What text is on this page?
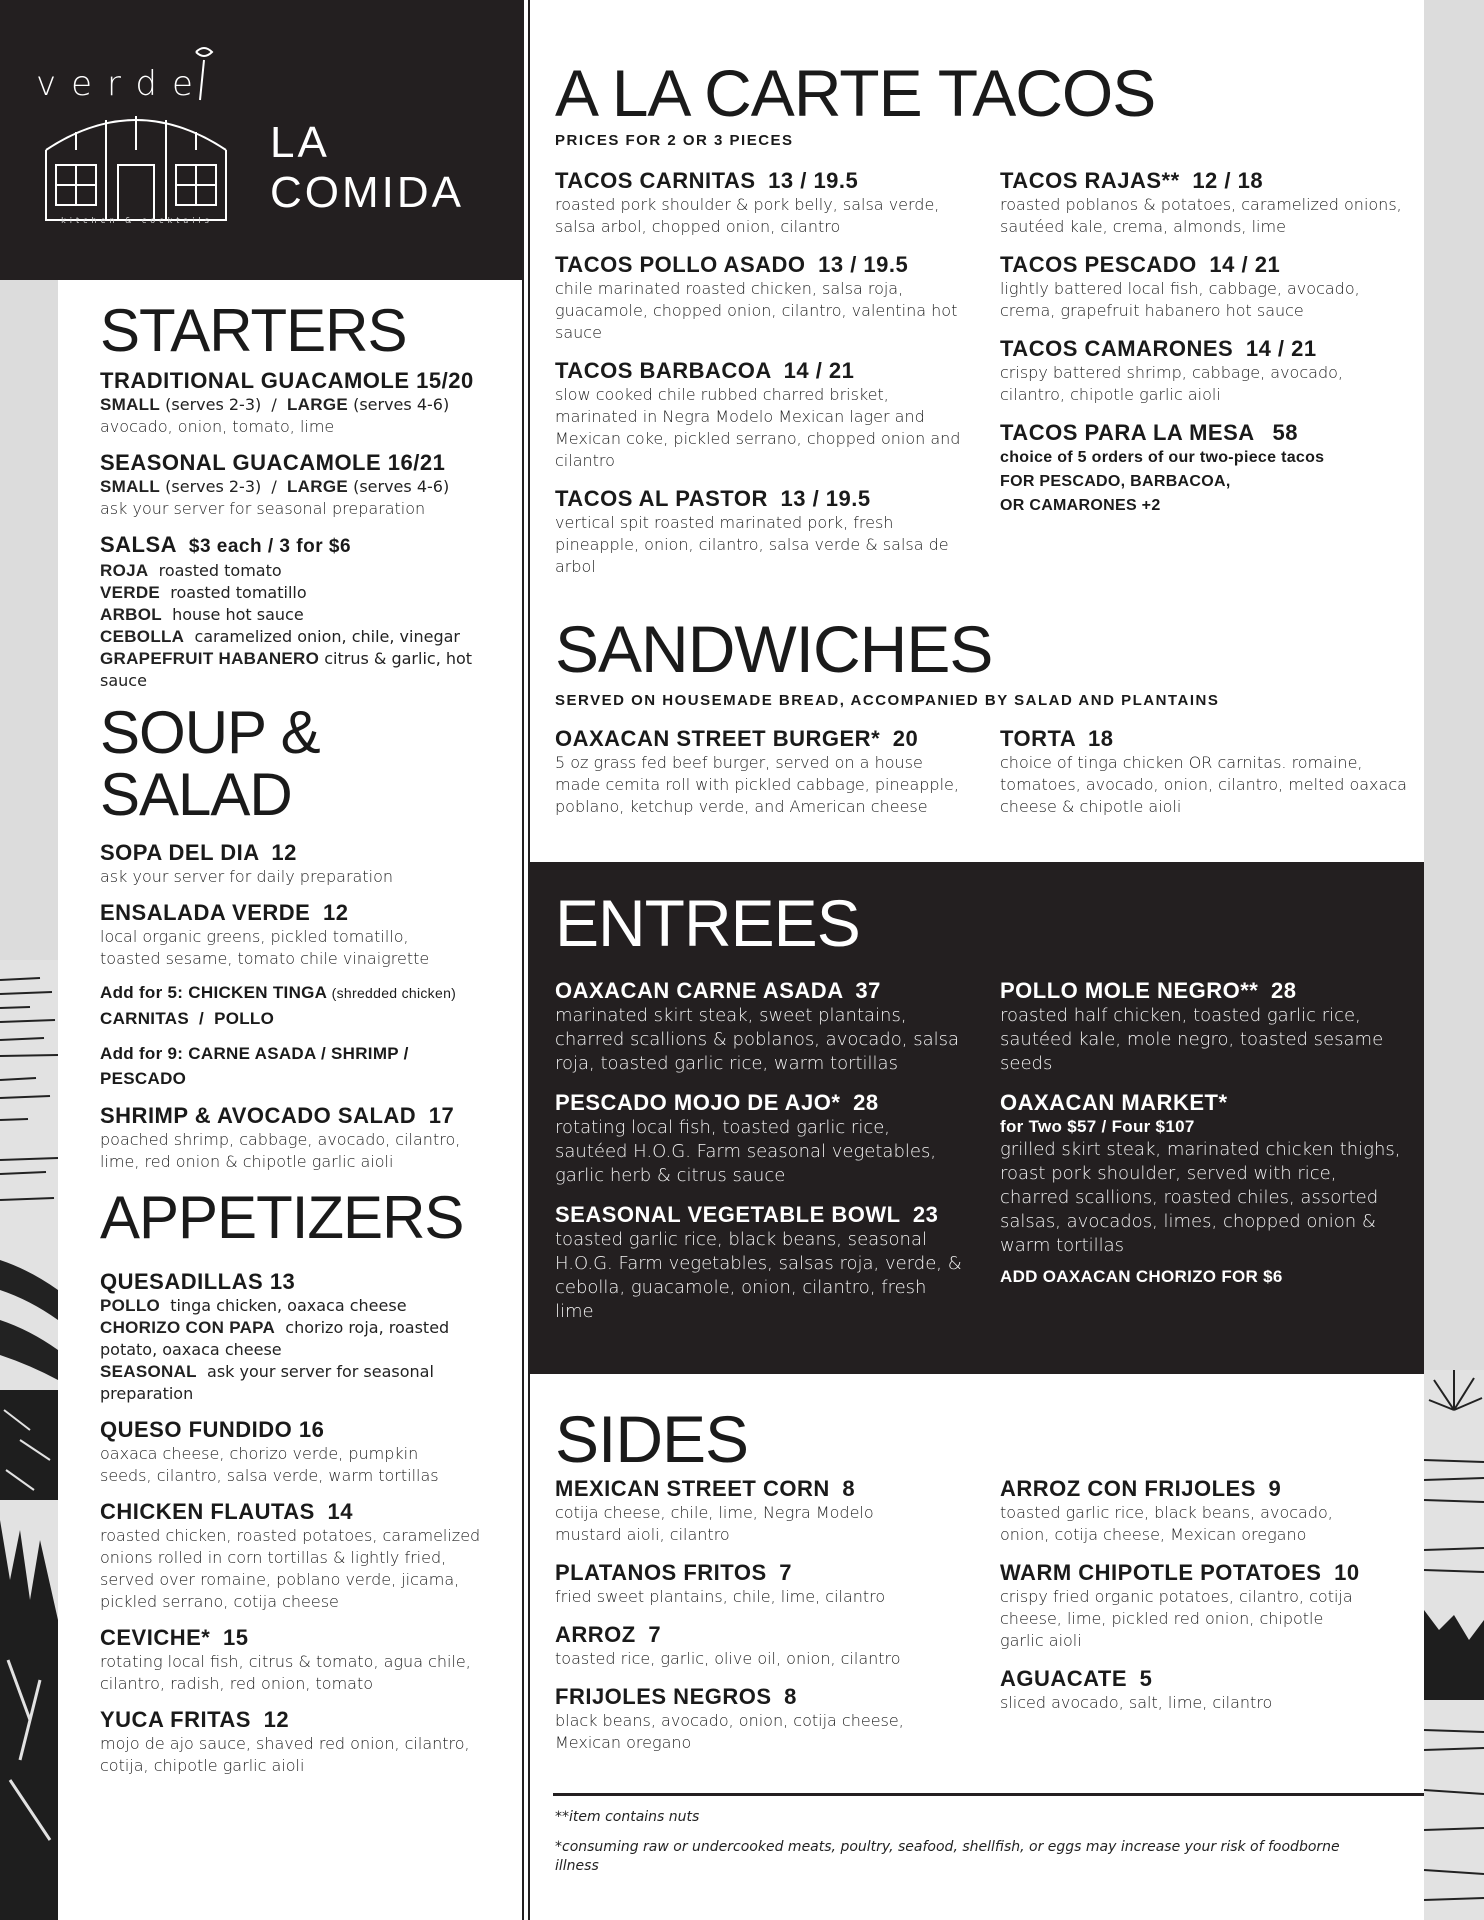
verde
kitchen & cocktails
LA
COMIDA
STARTERS
TRADITIONAL GUACAMOLE 15/20
SMALL (serves 2-3) / LARGE (serves 4-6)
avocado, onion, tomato, lime
SEASONAL GUACAMOLE 16/21
SMALL (serves 2-3) / LARGE (serves 4-6)
ask your server for seasonal preparation
SALSA $3 each / 3 for $6
ROJA roasted tomato
VERDE roasted tomatillo
ARBOL house hot sauce
CEBOLLA caramelized onion, chile, vinegar
GRAPEFRUIT HABANERO citrus & garlic, hot sauce
SOUP & SALAD
SOPA DEL DIA 12
ask your server for daily preparation
ENSALADA VERDE 12
local organic greens, pickled tomatillo, toasted sesame, tomato chile vinaigrette
Add for 5: CHICKEN TINGA (shredded chicken)
CARNITAS  /  POLLO
Add for 9: CARNE ASADA / SHRIMP / PESCADO
SHRIMP & AVOCADO SALAD 17
poached shrimp, cabbage, avocado, cilantro, lime, red onion & chipotle garlic aioli
APPETIZERS
QUESADILLAS 13
POLLO tinga chicken, oaxaca cheese
CHORIZO CON PAPA chorizo roja, roasted potato, oaxaca cheese
SEASONAL ask your server for seasonal preparation
QUESO FUNDIDO 16
oaxaca cheese, chorizo verde, pumpkin seeds, cilantro, salsa verde, warm tortillas
CHICKEN FLAUTAS 14
roasted chicken, roasted potatoes, caramelized onions rolled in corn tortillas & lightly fried, served over romaine, poblano verde, jicama, pickled serrano, cotija cheese
CEVICHE* 15
rotating local fish, citrus & tomato, agua chile, cilantro, radish, red onion, tomato
YUCA FRITAS 12
mojo de ajo sauce, shaved red onion, cilantro, cotija, chipotle garlic aioli
A LA CARTE TACOS
PRICES FOR 2 OR 3 PIECES
TACOS CARNITAS 13 / 19.5
roasted pork shoulder & pork belly, salsa verde, salsa arbol, chopped onion, cilantro
TACOS POLLO ASADO 13 / 19.5
chile marinated roasted chicken, salsa roja, guacamole, chopped onion, cilantro, valentina hot sauce
TACOS BARBACOA 14 / 21
slow cooked chile rubbed charred brisket, marinated in Negra Modelo Mexican lager and Mexican coke, pickled serrano, chopped onion and cilantro
TACOS AL PASTOR 13 / 19.5
vertical spit roasted marinated pork, fresh pineapple, onion, cilantro, salsa verde & salsa de arbol
TACOS RAJAS** 12 / 18
roasted poblanos & potatoes, caramelized onions, sautéed kale, crema, almonds, lime
TACOS PESCADO 14 / 21
lightly battered local fish, cabbage, avocado, crema, grapefruit habanero hot sauce
TACOS CAMARONES 14 / 21
crispy battered shrimp, cabbage, avocado, cilantro, chipotle garlic aioli
TACOS PARA LA MESA 58
choice of 5 orders of our two-piece tacos
FOR PESCADO, BARBACOA,
OR CAMARONES +2
SANDWICHES
SERVED ON HOUSEMADE BREAD, ACCOMPANIED BY SALAD AND PLANTAINS
OAXACAN STREET BURGER* 20
5 oz grass fed beef burger, served on a house made cemita roll with pickled cabbage, pineapple, poblano, ketchup verde, and American cheese
TORTA 18
choice of tinga chicken OR carnitas. romaine, tomatoes, avocado, onion, cilantro, melted oaxaca cheese & chipotle aioli
ENTREES
OAXACAN CARNE ASADA 37
marinated skirt steak, sweet plantains, charred scallions & poblanos, avocado, salsa roja, toasted garlic rice, warm tortillas
PESCADO MOJO DE AJO* 28
rotating local fish, toasted garlic rice, sautéed H.O.G. Farm seasonal vegetables, garlic herb & citrus sauce
SEASONAL VEGETABLE BOWL 23
toasted garlic rice, black beans, seasonal H.O.G. Farm vegetables, salsas roja, verde, & cebolla, guacamole, onion, cilantro, fresh lime
POLLO MOLE NEGRO** 28
roasted half chicken, toasted garlic rice, sautéed kale, mole negro, toasted sesame seeds
OAXACAN MARKET*
for Two $57 / Four $107
grilled skirt steak, marinated chicken thighs, roast pork shoulder, served with rice, charred scallions, roasted chiles, assorted salsas, avocados, limes, chopped onion & warm tortillas
ADD OAXACAN CHORIZO FOR $6
SIDES
MEXICAN STREET CORN 8
cotija cheese, chile, lime, Negra Modelo mustard aioli, cilantro
PLATANOS FRITOS 7
fried sweet plantains, chile, lime, cilantro
ARROZ 7
toasted rice, garlic, olive oil, onion, cilantro
FRIJOLES NEGROS 8
black beans, avocado, onion, cotija cheese, Mexican oregano
ARROZ CON FRIJOLES 9
toasted garlic rice, black beans, avocado, onion, cotija cheese, Mexican oregano
WARM CHIPOTLE POTATOES 10
crispy fried organic potatoes, cilantro, cotija cheese, lime, pickled red onion, chipotle garlic aioli
AGUACATE 5
sliced avocado, salt, lime, cilantro
**item contains nuts
*consuming raw or undercooked meats, poultry, seafood, shellfish, or eggs may increase your risk of foodborne illness
